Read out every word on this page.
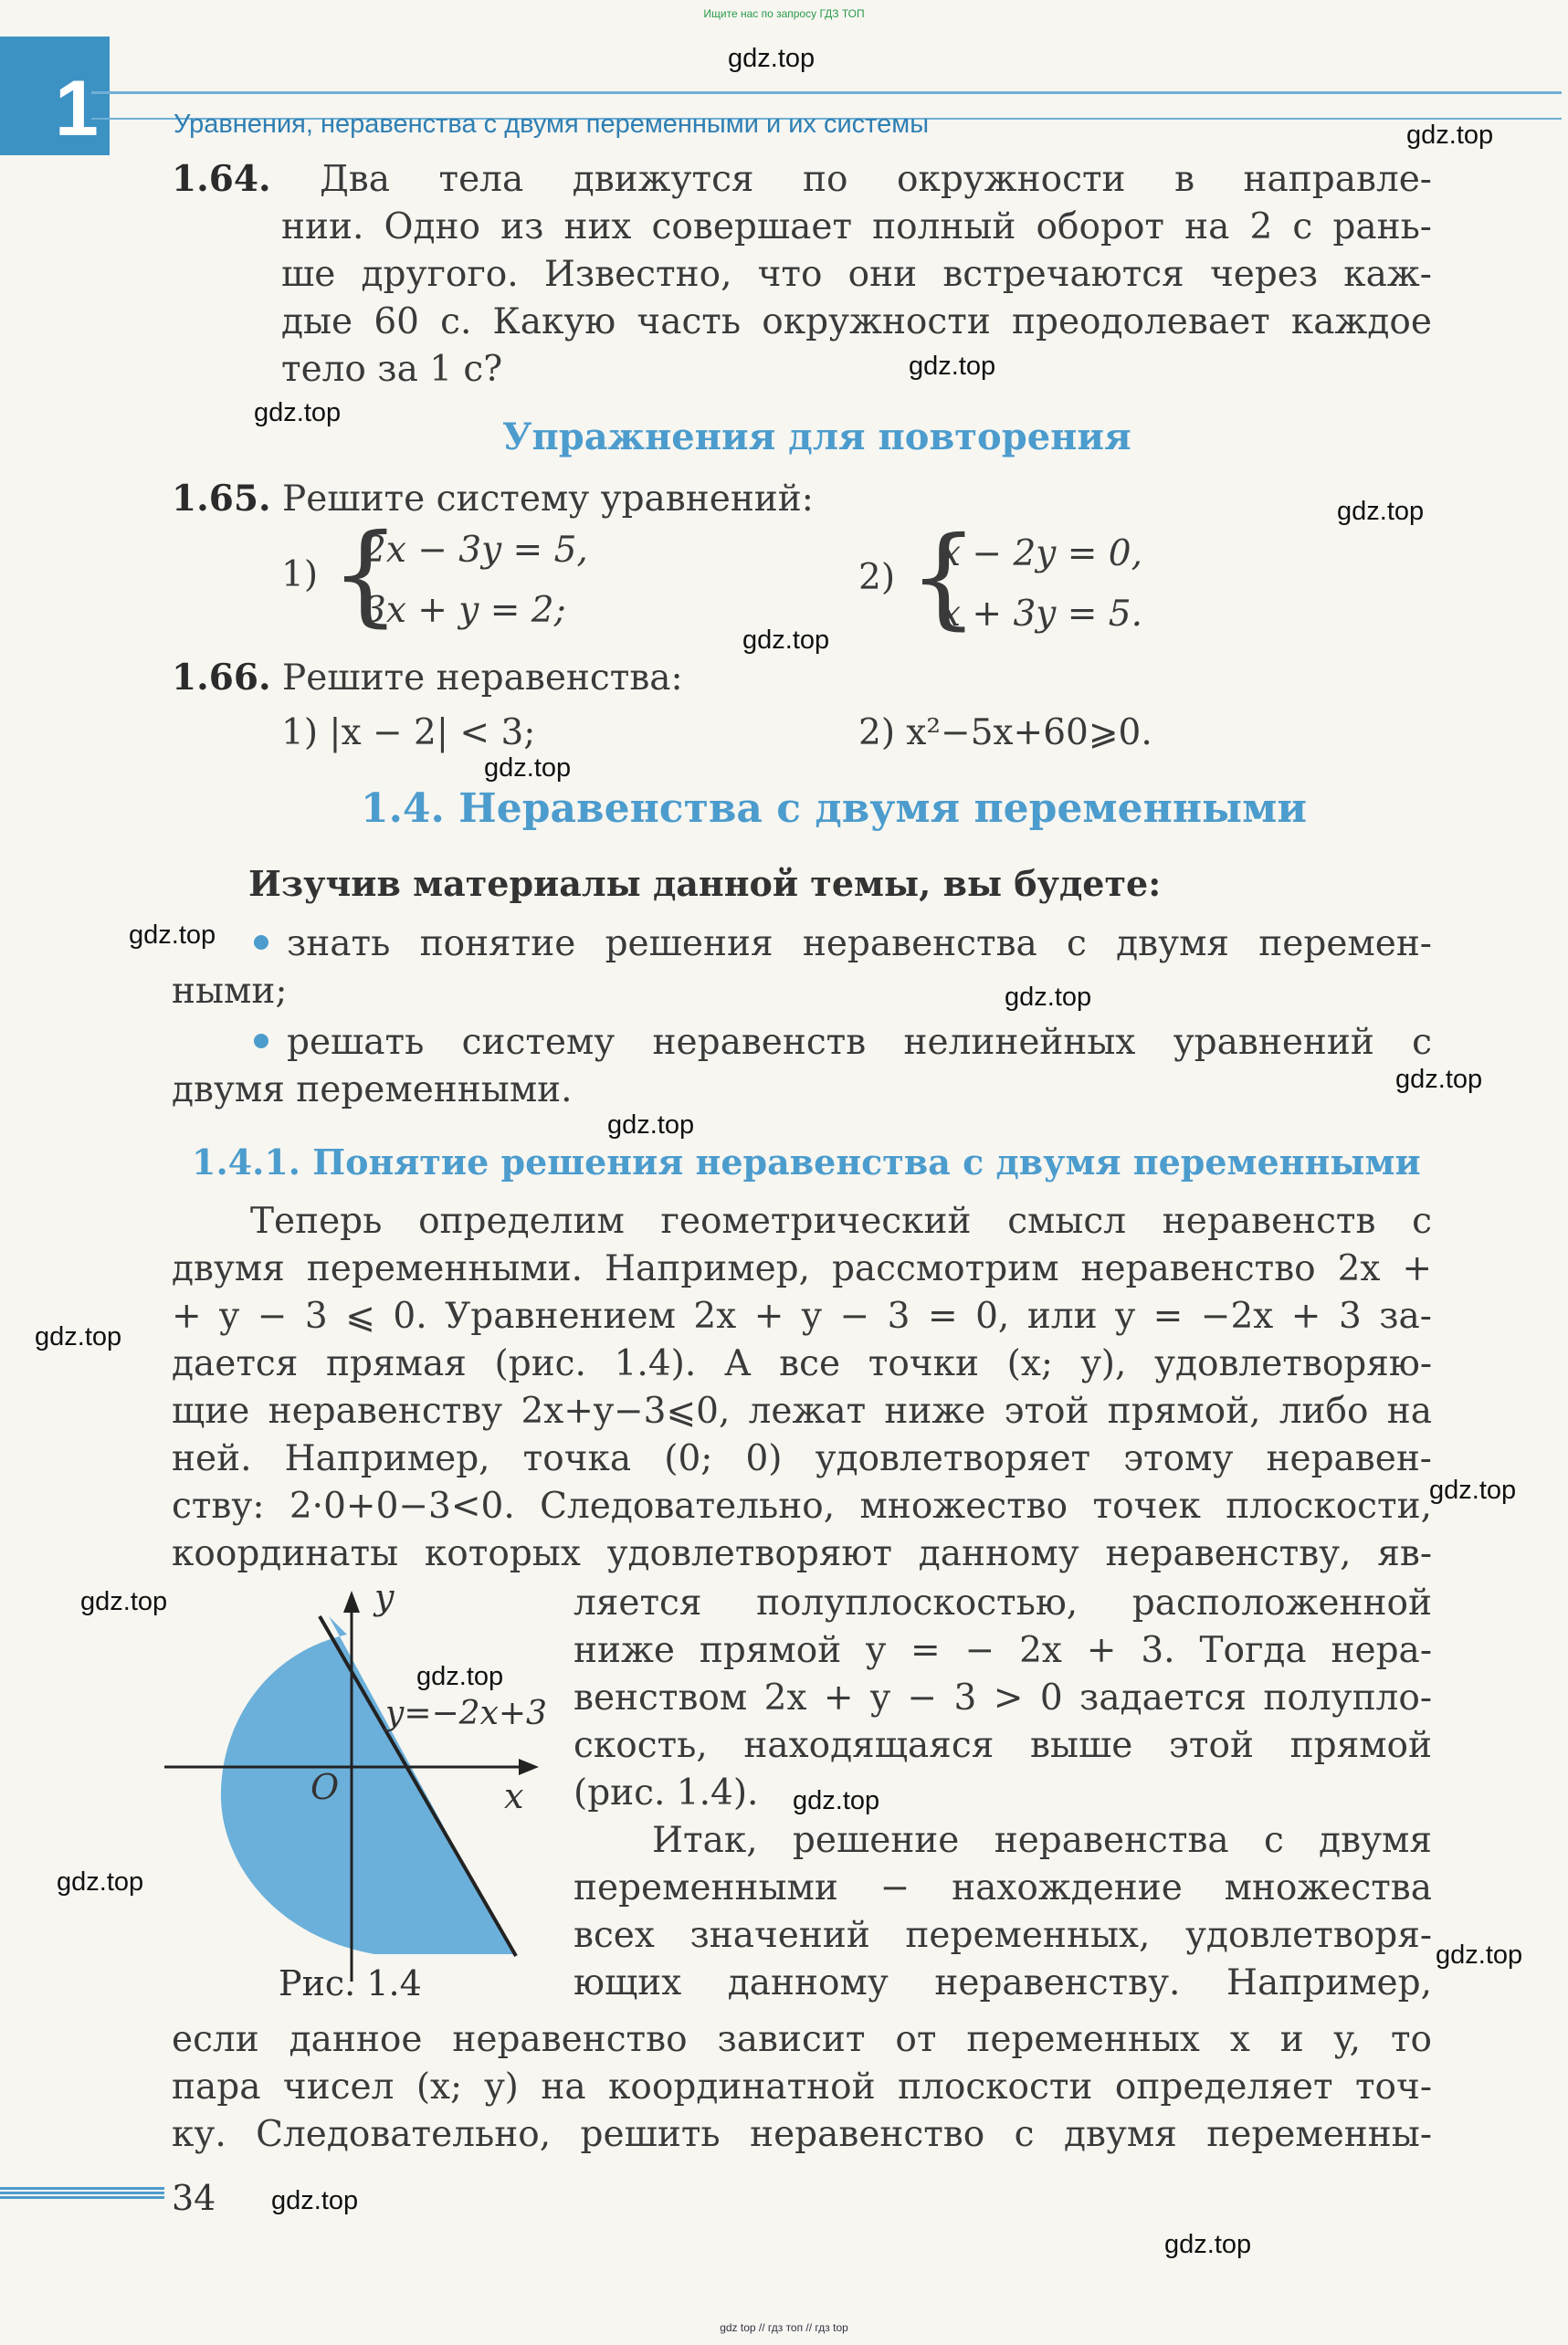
Ищите нас по запросу ГДЗ ТОП
1	Уравнения, неравенства с двумя переменными и их системы
1.64. Два тела движутся по окружности в направле-
нии. Одно из них совершает полный оборот на 2 с рань-
ше другого. Известно, что они встречаются через каж-
дые 60 с. Какую часть окружности преодолевает каждое
тело за 1 с?
Упражнения для повторения
1.65. Решите систему уравнений:
1) {
2x − 3y = 5,
3x + y = 2;
2) {
x − 2y = 0,
x + 3y = 5.
1.66. Решите неравенства:
1) |x − 2| < 3;	2) x²−5x+60⩾0.
1.4. Неравенства с двумя переменными
Изучив материалы данной темы, вы будете:
знать понятие решения неравенства с двумя перемен-
ными;
решать систему неравенств нелинейных уравнений с
двумя переменными.
1.4.1. Понятие решения неравенства с двумя переменными
Теперь определим геометрический смысл неравенств с
двумя переменными. Например, рассмотрим неравенство 2x +
+ y − 3 ⩽ 0. Уравнением 2x + y − 3 = 0, или y = −2x + 3 за-
дается прямая (рис. 1.4). А все точки (x; y), удовлетворяю-
щие неравенству 2x+y−3⩽0, лежат ниже этой прямой, либо на
ней. Например, точка (0; 0) удовлетворяет этому нерaвен-
ству: 2·0+0−3<0. Следовательно, множество точек плоскости,
координаты которых удовлетворяют данному неравенству, яв-
y
x
O
y=−2x+3
Рис. 1.4
ляется полуплоскостью, расположенной
ниже прямой y = − 2x + 3. Тогда нера-
венством 2x + y − 3 > 0 задается полупло-
скость, находящаяся выше этой прямой
(рис. 1.4).
Итак, решение неравенства с двумя
переменными − нахождение множества
всех значений переменных, удовлетворя-
ющих данному неравенству. Например,
если данное неравенство зависит от переменных x и y, то
пара чисел (x; y) на координатной плоскости определяет точ-
ку. Следовательно, решить неравенство с двумя переменны-
34
gdz top // гдз топ // гдз top
gdz.top
gdz.top
gdz.top
gdz.top
gdz.top
gdz.top
gdz.top
gdz.top
gdz.top
gdz.top
gdz.top
gdz.top
gdz.top
gdz.top
gdz.top
gdz.top
gdz.top
gdz.top
gdz.top
gdz.top
